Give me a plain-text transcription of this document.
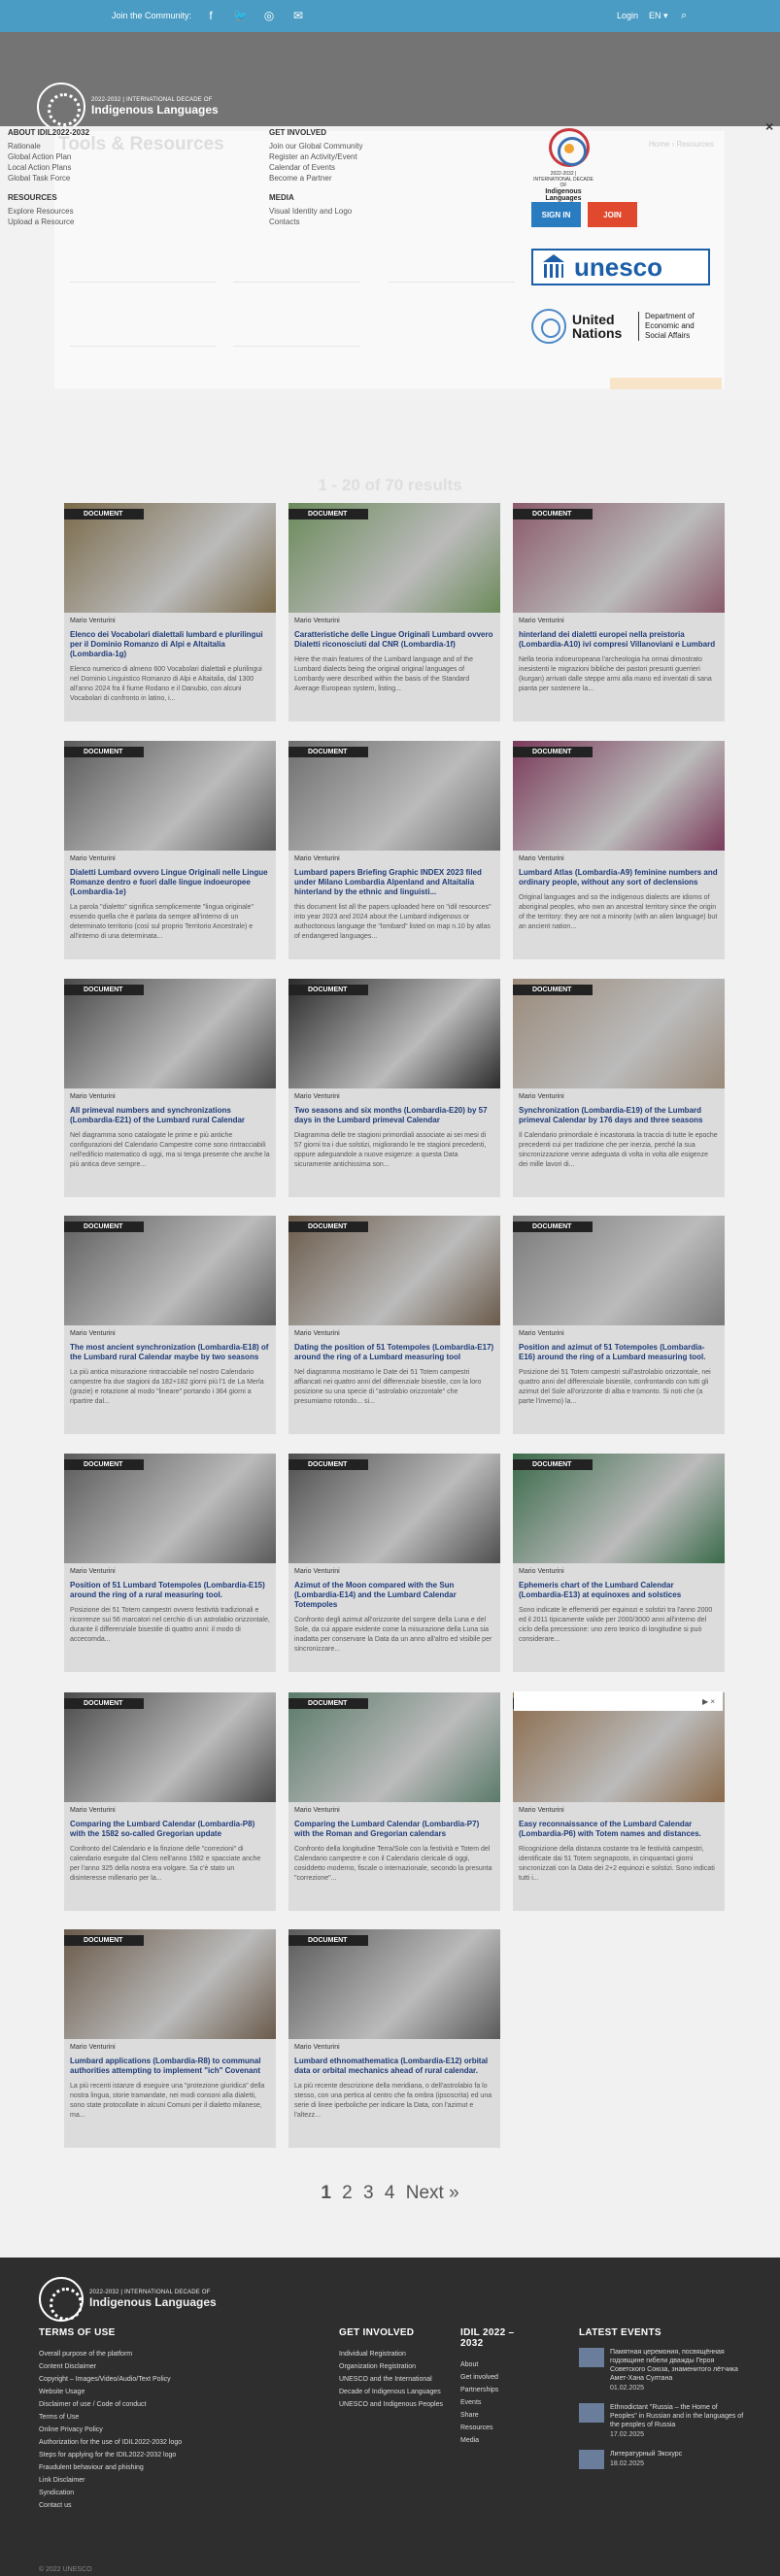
Join the Community:	f	🐦 ◎ ✉	Login EN ▾ ⌕
2022-2032 | INTERNATIONAL DECADE OF
Indigenous Languages
Tools & Resources	Home › Resources
ABOUT IDIL2022-2032
Rationale
Global Action Plan
Local Action Plans
Global Task Force
RESOURCES
Explore Resources
Upload a Resource
GET INVOLVED
Join our Global Community
Register an Activity/Event
Calendar of Events
Become a Partner
MEDIA
Visual Identity and Logo
Contacts
2022-2032 | INTERNATIONAL DECADE OF
Indigenous Languages
SIGN IN	JOIN
unesco
United Nations
Department of Economic and Social Affairs
×
1 - 20 of 70 results
DOCUMENT
Mario Venturini
Elenco dei Vocabolari dialettali lumbard e plurilingui per il Dominio Romanzo di Alpi e Altaitalia (Lombardia-1g)
Elenco numerico di almeno 600 Vocabolari dialettali e plurilingui nel Dominio Linguistico Romanzo di Alpi e Altaitalia, dal 1300 all'anno 2024 fra il fiume Rodano e il Danubio, con alcuni Vocabolari di confronto in latino, i...
DOCUMENT
Mario Venturini
Caratteristiche delle Lingue Originali Lumbard ovvero Dialetti riconosciuti dal CNR (Lombardia-1f)
Here the main features of the Lumbard language and of the Lumbard dialects being the original original languages of Lombardy were described within the basis of the Standard Average European system, listing...
DOCUMENT
Mario Venturini
hinterland dei dialetti europei nella preistoria (Lombardia-A10) ivi compresi Villanoviani e Lumbard
Nella teoria indoeuropeana l'archeologia ha ormai dimostrato inesistenti le migrazioni bibliche dei pastori presunti guerrieri (kurgan) arrivati dalle steppe armi alla mano ed inventati di sana pianta per sostenere la...
DOCUMENT
Mario Venturini
Dialetti Lumbard ovvero Lingue Originali nelle Lingue Romanze dentro e fuori dalle lingue indoeuropee (Lombardia-1e)
La parola "dialetto" significa semplicemente "lingua originale" essendo quella che è parlata da sempre all'interno di un determinato territorio (così sul proprio Territorio Ancestrale) e all'interno di una determinata...
DOCUMENT
Mario Venturini
Lumbard papers Briefing Graphic INDEX 2023 filed under Milano Lombardia Alpenland and Altaitalia hinterland by the ethnic and linguisti...
this document list all the papers uploaded here on "idil resources" into year 2023 and 2024 about the Lumbard indigenous or authoctonous language the "lombard" listed on map n.10 by atlas of endangered languages...
DOCUMENT
Mario Venturini
Lumbard Atlas (Lombardia-A9) feminine numbers and ordinary people, without any sort of declensions
Original languages and so the indigenous dialects are idioms of aboriginal peoples, who own an ancestral territory since the origin of the territory: they are not a minority (with an alien language) but an ancient nation...
DOCUMENT
Mario Venturini
All primeval numbers and synchronizations (Lombardia-E21) of the Lumbard rural Calendar
Nel diagramma sono catalogate le prime e più antiche configurazioni del Calendario Campestre come sono rintracciabili nell'edificio matematico di oggi, ma si tenga presente che anche la più antica deve sempre...
DOCUMENT
Mario Venturini
Two seasons and six months (Lombardia-E20) by 57 days in the Lumbard primeval Calendar
Diagramma delle tre stagioni primordiali associate ai sei mesi di 57 giorni tra i due solstizi, migliorando le tre stagioni precedenti, oppure adeguandole a nuove esigenze: a questa Data sicuramente antichissima son...
DOCUMENT
Mario Venturini
Synchronization (Lombardia-E19) of the Lumbard primeval Calendar by 176 days and three seasons
Il Calendario primordiale è incastonata la traccia di tutte le epoche precedenti cui per tradizione che per inerzia, perché la sua sincronizzazione venne adeguata di volta in volta alle esigenze dei mille lavori di...
DOCUMENT
Mario Venturini
The most ancient synchronization (Lombardia-E18) of the Lumbard rural Calendar maybe by two seasons
La più antica misurazione rintracciabile nel nostro Calendario campestre fra due stagioni da 182+182 giorni più l'1 de La Merla (grazie) e rotazione al modo "lineare" portando i 364 giorni a ripartire dal...
DOCUMENT
Mario Venturini
Dating the position of 51 Totempoles (Lombardia-E17) around the ring of a Lumbard measuring tool
Nel diagramma mostriamo le Date dei 51 Totem campestri affiancati nei quattro anni del differenziale bisestile, con la loro posizione su una specie di "astrolabio orizzontale" che presumiamo rotondo... si...
DOCUMENT
Mario Venturini
Position and azimut of 51 Totempoles (Lombardia-E16) around the ring of a Lumbard measuring tool.
Posizione dei 51 Totem campestri sull'astrolabio orizzontale, nei quattro anni del differenziale bisestile, confrontando con tutti gli azimut del Sole all'orizzonte di alba e tramonto. Si noti che (a parte l'inverno) la...
DOCUMENT
Mario Venturini
Position of 51 Lumbard Totempoles (Lombardia-E15) around the ring of a rural measuring tool.
Posizione dei 51 Totem campestri ovvero festività tradizionali e ricorrenze sui 56 marcatori nel cerchio di un astrolabio orizzontale, durante il differenziale bisestile di quattro anni: il modo di accecomda...
DOCUMENT
Mario Venturini
Azimut of the Moon compared with the Sun (Lombardia-E14) and the Lumbard Calendar Totempoles
Confronto degli azimut all'orizzonte del sorgere della Luna e del Sole, da cui appare evidente come la misurazione della Luna sia inadatta per conservare la Data da un anno all'altro ed visibile per sincronizzare...
DOCUMENT
Mario Venturini
Ephemeris chart of the Lumbard Calendar (Lombardia-E13) at equinoxes and solstices
Sono indicate le effemeridi per equinozi e solstizi tra l'anno 2000 ed il 2011 tipicamente valide per 2000/3000 anni all'interno del ciclo della precessione: uno zero teorico di longitudine si può considerare...
DOCUMENT
Mario Venturini
Comparing the Lumbard Calendar (Lombardia-P8) with the 1582 so-called Gregorian update
Confronto del Calendario e la finzione delle "correzioni" di calendario eseguite dal Clero nell'anno 1582 e spacciate anche per l'anno 325 della nostra era volgare. Sa c'è stato un disinteresse millenario per la...
DOCUMENT
Mario Venturini
Comparing the Lumbard Calendar (Lombardia-P7) with the Roman and Gregorian calendars
Confronto della longitudine Terra/Sole con la festività e Totem del Calendario campestre e con il Calendario clericale di oggi, cosiddetto moderno, fiscale o internazionale, secondo la presunta "correzione"...
Mario Venturini
Easy reconnaissance of the Lumbard Calendar (Lombardia-P6) with Totem names and distances.
Ricognizione della distanza costante tra le festività campestri, identificate dai 51 Totem segnaposto, in cinquantaci giorni sincronizzati con la Data dei 2+2 equinozi e solstizi. Sono indicati tutti i...
DOCUMENT
Mario Venturini
Lumbard applications (Lombardia-R8) to communal authorities attempting to implement "ich" Covenant
La più recenti istanze di eseguire una "protezione giuridica" della nostra lingua, storie tramandate, nei modi consoni alla dialetti, sono state protocollate in alcuni Comuni per il dialetto milanese, ma...
DOCUMENT
Mario Venturini
Lumbard ethnomathematica (Lombardia-E12) orbital data or orbital mechanics ahead of rural calendar.
La più recente descrizione della meridiana, o dell'astrolabio fa lo stesso, con una pertica al centro che fa ombra (ipsoscrita) ed una serie di linee iperboliche per indicare la Data, con l'azimut e l'altezz...
▶ ×
1 2 3 4 Next »
2022-2032 | INTERNATIONAL DECADE OF
Indigenous Languages
TERMS OF USE
Overall purpose of the platform
Content Disclaimer
Copyright – Images/Video/Audio/Text Policy
Website Usage
Disclaimer of use / Code of conduct
Terms of Use
Online Privacy Policy
Authorization for the use of IDIL2022-2032 logo
Steps for applying for the IDIL2022-2032 logo
Fraudulent behaviour and phishing
Link Disclaimer
Syndication
Contact us
GET INVOLVED
Individual Registration
Organization Registration
UNESCO and the International Decade of Indigenous Languages
UNESCO and Indigenous Peoples
IDIL 2022 – 2032
About
Get involved
Partnerships
Events
Share
Resources
Media
LATEST EVENTS
Памятная церемония, посвящённая годовщине гибели дважды Героя Советского Союза, знаменитого лётчика Амет-Хана Султана
01.02.2025
Ethnodictant "Russia – the Home of Peoples" in Russian and in the languages of the peoples of Russia
17.02.2025
Литературный Экскурс
18.02.2025
© 2022 UNESCO
